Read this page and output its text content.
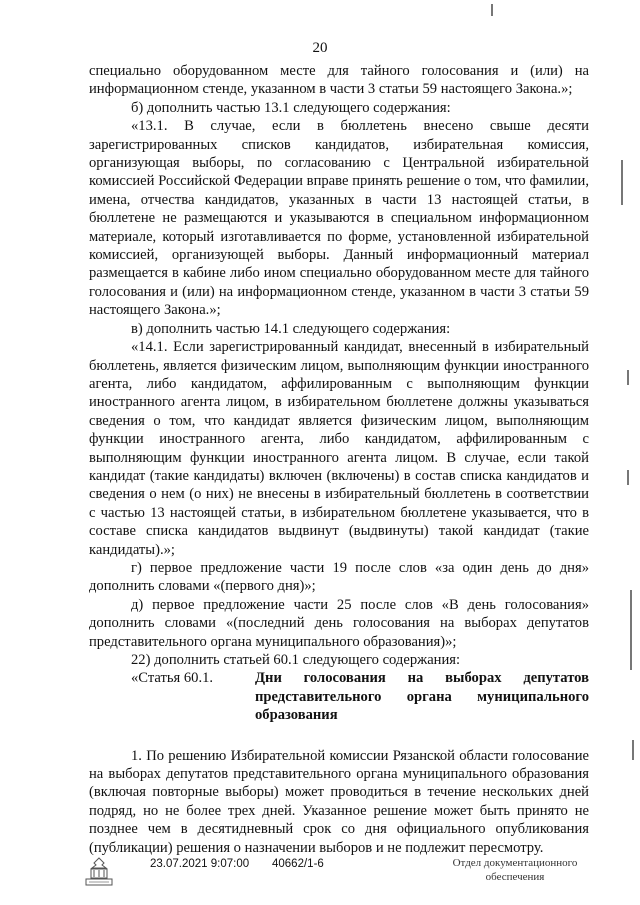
20

специально оборудованном месте для тайного голосования и (или) на информационном стенде, указанном в части 3 статьи 59 настоящего Закона.»;

б) дополнить частью 13.1 следующего содержания:

«13.1. В случае, если в бюллетень внесено свыше десяти зарегистрированных списков кандидатов, избирательная комиссия, организующая выборы, по согласованию с Центральной избирательной комиссией Российской Федерации вправе принять решение о том, что фамилии, имена, отчества кандидатов, указанных в части 13 настоящей статьи, в бюллетене не размещаются и указываются в специальном информационном материале, который изготавливается по форме, установленной избирательной комиссией, организующей выборы. Данный информационный материал размещается в кабине либо ином специально оборудованном месте для тайного голосования и (или) на информационном стенде, указанном в части 3 статьи 59 настоящего Закона.»;

в) дополнить частью 14.1 следующего содержания:

«14.1. Если зарегистрированный кандидат, внесенный в избирательный бюллетень, является физическим лицом, выполняющим функции иностранного агента, либо кандидатом, аффилированным с выполняющим функции иностранного агента лицом, в избирательном бюллетене должны указываться сведения о том, что кандидат является физическим лицом, выполняющим функции иностранного агента, либо кандидатом, аффилированным с выполняющим функции иностранного агента лицом. В случае, если такой кандидат (такие кандидаты) включен (включены) в состав списка кандидатов и сведения о нем (о них) не внесены в избирательный бюллетень в соответствии с частью 13 настоящей статьи, в избирательном бюллетене указывается, что в составе списка кандидатов выдвинут (выдвинуты) такой кандидат (такие кандидаты).»;

г) первое предложение части 19 после слов «за один день до дня» дополнить словами «(первого дня)»;

д) первое предложение части 25 после слов «В день голосования» дополнить словами «(последний день голосования на выборах депутатов представительного органа муниципального образования)»;

22) дополнить статьей 60.1 следующего содержания:

«Статья 60.1.	Дни голосования на выборах депутатов представительного органа муниципального образования

1. По решению Избирательной комиссии Рязанской области голосование на выборах депутатов представительного органа муниципального образования (включая повторные выборы) может проводиться в течение нескольких дней подряд, но не более трех дней. Указанное решение может быть принято не позднее чем в десятидневный срок со дня официального опубликования (публикации) решения о назначении выборов и не подлежит пересмотру.

23.07.2021 9:07:00 40662/1-6	Отдел документационного
обеспечения
